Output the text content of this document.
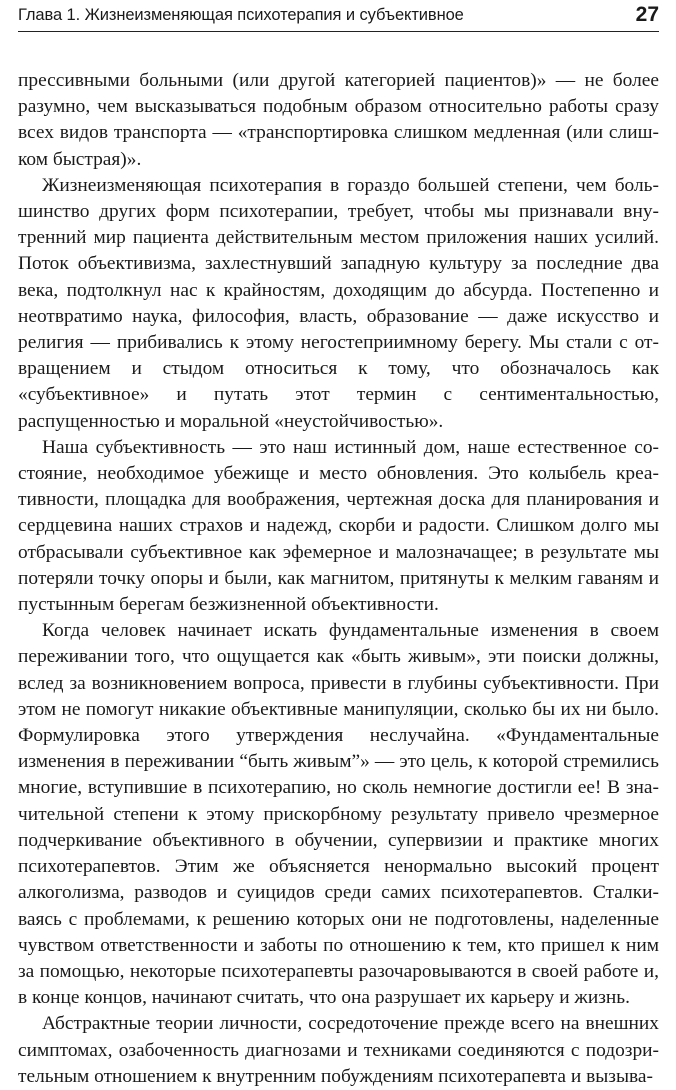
Глава 1. Жизнеизменяющая психотерапия и субъективное	27

прессивными больными (или другой категорией пациентов)» — не более разумно, чем высказываться подобным образом относительно работы сразу всех видов транспорта — «транспортировка слишком медленная (или слишком быстрая)».

Жизнеизменяющая психотерапия в гораздо большей степени, чем большинство других форм психотерапии, требует, чтобы мы признавали внутренний мир пациента действительным местом приложения наших усилий. Поток объективизма, захлестнувший западную культуру за последние два века, подтолкнул нас к крайностям, доходящим до абсурда. Постепенно и неотвратимо наука, философия, власть, образование — даже искусство и религия — прибивались к этому негостеприимному берегу. Мы стали с отвращением и стыдом относиться к тому, что обозначалось как «субъективное» и путать этот термин с сентиментальностью, распущенностью и моральной «неустойчивостью».

Наша субъективность — это наш истинный дом, наше естественное состояние, необходимое убежище и место обновления. Это колыбель креативности, площадка для воображения, чертежная доска для планирования и сердцевина наших страхов и надежд, скорби и радости. Слишком долго мы отбрасывали субъективное как эфемерное и малозначащее; в результате мы потеряли точку опоры и были, как магнитом, притянуты к мелким гаваням и пустынным берегам безжизненной объективности.

Когда человек начинает искать фундаментальные изменения в своем переживании того, что ощущается как «быть живым», эти поиски должны, вслед за возникновением вопроса, привести в глубины субъективности. При этом не помогут никакие объективные манипуляции, сколько бы их ни было. Формулировка этого утверждения неслучайна. «Фундаментальные изменения в переживании “быть живым”» — это цель, к которой стремились многие, вступившие в психотерапию, но сколь немногие достигли ее! В значительной степени к этому прискорбному результату привело чрезмерное подчеркивание объективного в обучении, супервизии и практике многих психотерапевтов. Этим же объясняется ненормально высокий процент алкоголизма, разводов и суицидов среди самих психотерапевтов. Сталкиваясь с проблемами, к решению которых они не подготовлены, наделенные чувством ответственности и заботы по отношению к тем, кто пришел к ним за помощью, некоторые психотерапевты разочаровываются в своей работе и, в конце концов, начинают считать, что она разрушает их карьеру и жизнь.

Абстрактные теории личности, сосредоточение прежде всего на внешних симптомах, озабоченность диагнозами и техниками соединяются с подозрительным отношением к внутренним побуждениям психотерапевта и вызыва-
